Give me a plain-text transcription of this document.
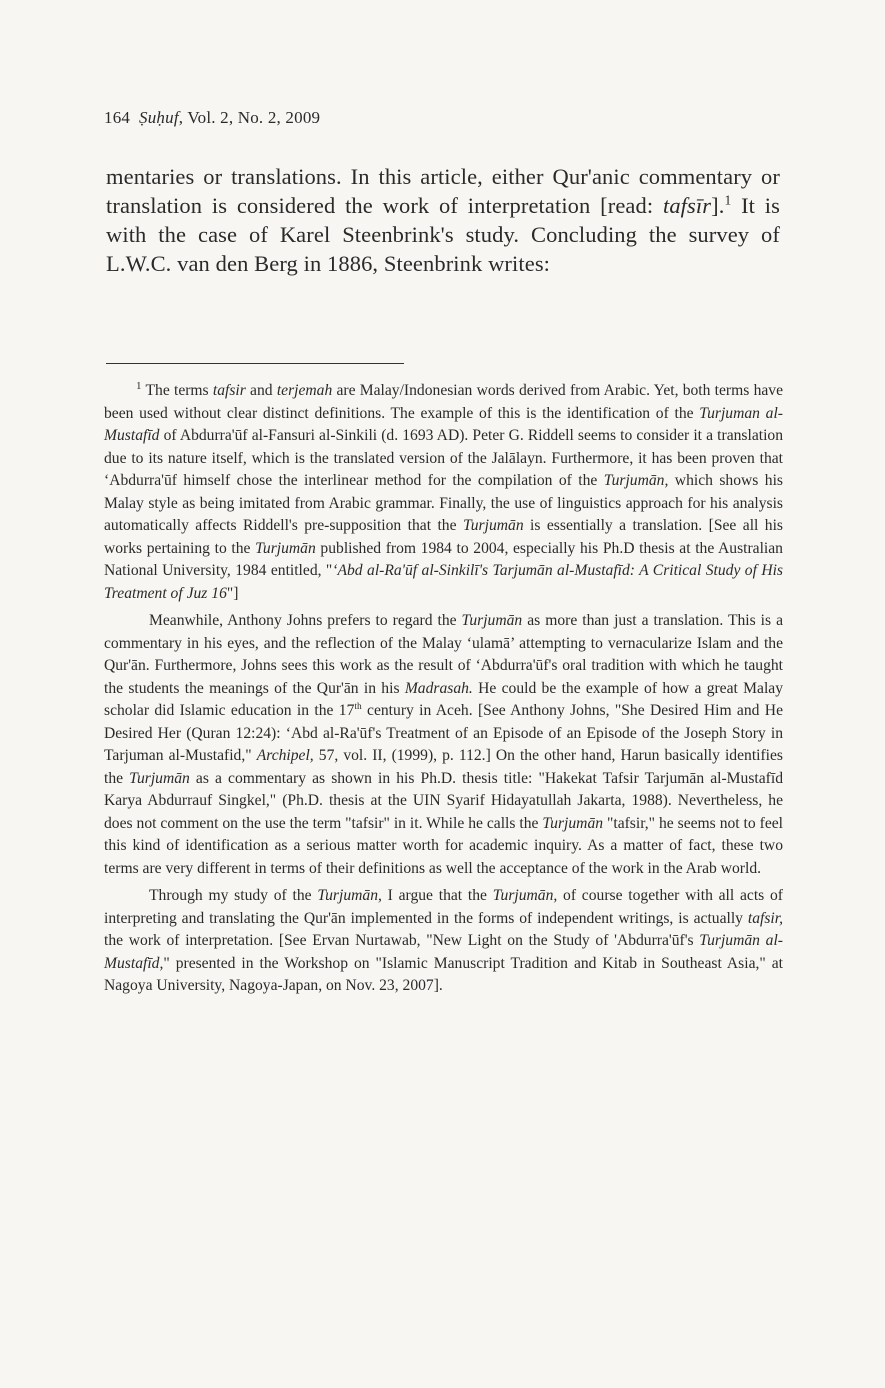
164 Ṣuḥuf, Vol. 2, No. 2, 2009
mentaries or translations. In this article, either Qur'anic commentary or translation is considered the work of interpretation [read: tafsīr].$^1$ It is with the case of Karel Steenbrink's study. Concluding the survey of L.W.C. van den Berg in 1886, Steenbrink writes:

$^1$ The terms tafsir and terjemah are Malay/Indonesian words derived from Arabic. Yet, both terms have been used without clear distinct definitions. The example of this is the identification of the Turjuman al-Mustafīd of Abdurra'ūf al-Fansuri al-Sinkili (d. 1693 AD). Peter G. Riddell seems to consider it a translation due to its nature itself, which is the translated version of the Jalālayn. Furthermore, it has been proven that ‘Abdurra'ūf himself chose the interlinear method for the compilation of the Turjumān, which shows his Malay style as being imitated from Arabic grammar. Finally, the use of linguistics approach for his analysis automatically affects Riddell's pre-supposition that the Turjumān is essentially a translation. [See all his works pertaining to the Turjumān published from 1984 to 2004, especially his Ph.D thesis at the Australian National University, 1984 entitled, "‘Abd al-Ra'ūf al-Sinkilī's Tarjumān al-Mustafīd: A Critical Study of His Treatment of Juz 16"]

Meanwhile, Anthony Johns prefers to regard the Turjumān as more than just a translation. This is a commentary in his eyes, and the reflection of the Malay ‘ulamā’ attempting to vernacularize Islam and the Qur'ān. Furthermore, Johns sees this work as the result of ‘Abdurra'ūf's oral tradition with which he taught the students the meanings of the Qur'ān in his Madrasah. He could be the example of how a great Malay scholar did Islamic education in the 17th century in Aceh. [See Anthony Johns, "She Desired Him and He Desired Her (Quran 12:24): ‘Abd al-Ra'ūf's Treatment of an Episode of an Episode of the Joseph Story in Tarjuman al-Mustafid," Archipel, 57, vol. II, (1999), p. 112.] On the other hand, Harun basically identifies the Turjumān as a commentary as shown in his Ph.D. thesis title: "Hakekat Tafsir Tarjumān al-Mustafīd Karya Abdurrauf Singkel," (Ph.D. thesis at the UIN Syarif Hidayatullah Jakarta, 1988). Nevertheless, he does not comment on the use the term "tafsir" in it. While he calls the Turjumān "tafsir," he seems not to feel this kind of identification as a serious matter worth for academic inquiry. As a matter of fact, these two terms are very different in terms of their definitions as well the acceptance of the work in the Arab world.

Through my study of the Turjumān, I argue that the Turjumān, of course together with all acts of interpreting and translating the Qur'ān implemented in the forms of independent writings, is actually tafsir, the work of interpretation. [See Ervan Nurtawab, "New Light on the Study of 'Abdurra'ūf's Turjumān al-Mustafīd," presented in the Workshop on "Islamic Manuscript Tradition and Kitab in Southeast Asia," at Nagoya University, Nagoya-Japan, on Nov. 23, 2007].
